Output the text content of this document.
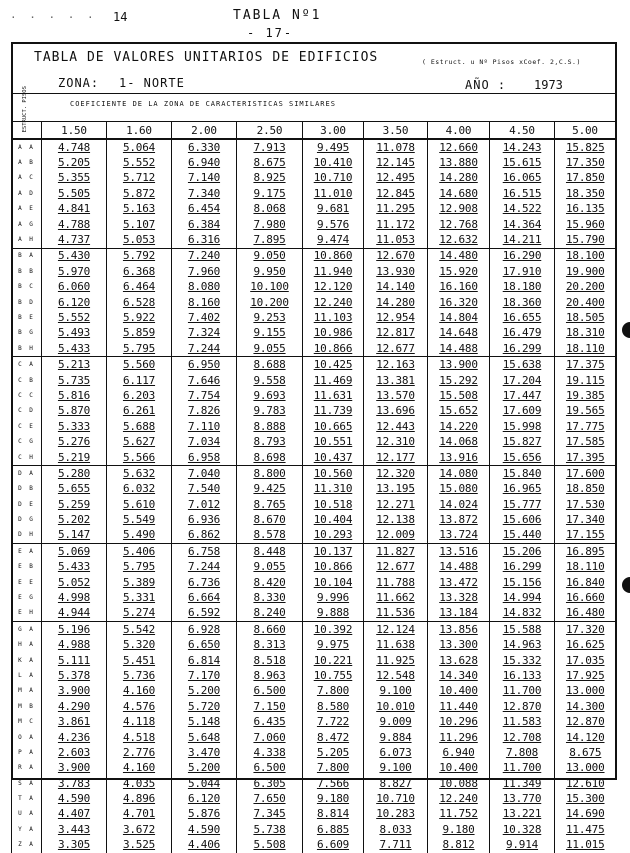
· · · · · 14	TABLA Nº1
- 17-
TABLA DE VALORES UNITARIOS DE EDIFICIOS	( Estruct. u Nº Pisos xCoef. 2,C.S.)
ZONA: 1- NORTE	AÑO : 1973
ESTRUCT. PISOS	COEFICIENTE DE LA ZONA DE CARACTERISTICAS SIMILARES
	1.50	1.60	2.00	2.50	3.00	3.50	4.00	4.50	5.00
A A	4.748	5.064	6.330	7.913	9.495	11.078	12.660	14.243	15.825
A B	5.205	5.552	6.940	8.675	10.410	12.145	13.880	15.615	17.350
A C	5.355	5.712	7.140	8.925	10.710	12.495	14.280	16.065	17.850
A D	5.505	5.872	7.340	9.175	11.010	12.845	14.680	16.515	18.350
A E	4.841	5.163	6.454	8.068	9.681	11.295	12.908	14.522	16.135
A G	4.788	5.107	6.384	7.980	9.576	11.172	12.768	14.364	15.960
A H	4.737	5.053	6.316	7.895	9.474	11.053	12.632	14.211	15.790
B A	5.430	5.792	7.240	9.050	10.860	12.670	14.480	16.290	18.100
B B	5.970	6.368	7.960	9.950	11.940	13.930	15.920	17.910	19.900
B C	6.060	6.464	8.080	10.100	12.120	14.140	16.160	18.180	20.200
B D	6.120	6.528	8.160	10.200	12.240	14.280	16.320	18.360	20.400
B E	5.552	5.922	7.402	9.253	11.103	12.954	14.804	16.655	18.505
B G	5.493	5.859	7.324	9.155	10.986	12.817	14.648	16.479	18.310
B H	5.433	5.795	7.244	9.055	10.866	12.677	14.488	16.299	18.110
C A	5.213	5.560	6.950	8.688	10.425	12.163	13.900	15.638	17.375
C B	5.735	6.117	7.646	9.558	11.469	13.381	15.292	17.204	19.115
C C	5.816	6.203	7.754	9.693	11.631	13.570	15.508	17.447	19.385
C D	5.870	6.261	7.826	9.783	11.739	13.696	15.652	17.609	19.565
C E	5.333	5.688	7.110	8.888	10.665	12.443	14.220	15.998	17.775
C G	5.276	5.627	7.034	8.793	10.551	12.310	14.068	15.827	17.585
C H	5.219	5.566	6.958	8.698	10.437	12.177	13.916	15.656	17.395
D A	5.280	5.632	7.040	8.800	10.560	12.320	14.080	15.840	17.600
D B	5.655	6.032	7.540	9.425	11.310	13.195	15.080	16.965	18.850
D E	5.259	5.610	7.012	8.765	10.518	12.271	14.024	15.777	17.530
D G	5.202	5.549	6.936	8.670	10.404	12.138	13.872	15.606	17.340
D H	5.147	5.490	6.862	8.578	10.293	12.009	13.724	15.440	17.155
E A	5.069	5.406	6.758	8.448	10.137	11.827	13.516	15.206	16.895
E B	5.433	5.795	7.244	9.055	10.866	12.677	14.488	16.299	18.110
E E	5.052	5.389	6.736	8.420	10.104	11.788	13.472	15.156	16.840
E G	4.998	5.331	6.664	8.330	9.996	11.662	13.328	14.994	16.660
E H	4.944	5.274	6.592	8.240	9.888	11.536	13.184	14.832	16.480
G A	5.196	5.542	6.928	8.660	10.392	12.124	13.856	15.588	17.320
H A	4.988	5.320	6.650	8.313	9.975	11.638	13.300	14.963	16.625
K A	5.111	5.451	6.814	8.518	10.221	11.925	13.628	15.332	17.035
L A	5.378	5.736	7.170	8.963	10.755	12.548	14.340	16.133	17.925
M A	3.900	4.160	5.200	6.500	7.800	9.100	10.400	11.700	13.000
M B	4.290	4.576	5.720	7.150	8.580	10.010	11.440	12.870	14.300
M C	3.861	4.118	5.148	6.435	7.722	9.009	10.296	11.583	12.870
O A	4.236	4.518	5.648	7.060	8.472	9.884	11.296	12.708	14.120
P A	2.603	2.776	3.470	4.338	5.205	6.073	6.940	7.808	8.675
R A	3.900	4.160	5.200	6.500	7.800	9.100	10.400	11.700	13.000
S A	3.783	4.035	5.044	6.305	7.566	8.827	10.088	11.349	12.610
T A	4.590	4.896	6.120	7.650	9.180	10.710	12.240	13.770	15.300
U A	4.407	4.701	5.876	7.345	8.814	10.283	11.752	13.221	14.690
Y A	3.443	3.672	4.590	5.738	6.885	8.033	9.180	10.328	11.475
Z A	3.305	3.525	4.406	5.508	6.609	7.711	8.812	9.914	11.015
